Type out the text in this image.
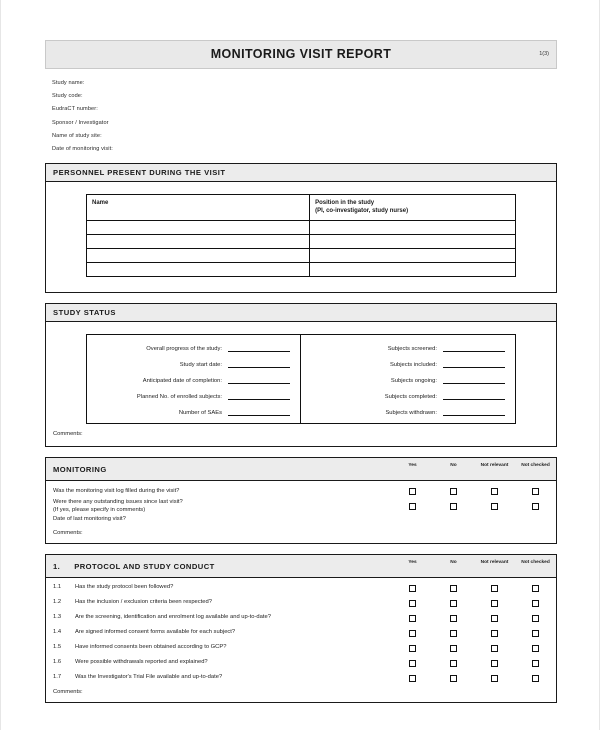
MONITORING VISIT REPORT	1(3)
Study name:
Study code:
EudraCT number:
Sponsor / Investigator
Name of study site:
Date of monitoring visit:
PERSONNEL PRESENT DURING THE VISIT
Name	Position in the study
(PI, co-investigator, study nurse)

STUDY STATUS
Overall progress of the study:
Study start date:
Anticipated date of completion:
Planned No. of enrolled subjects:
Number of SAEs
Subjects screened:
Subjects included:
Subjects ongoing:
Subjects completed:
Subjects withdrawn:
Comments:
MONITORING	Yes	No	Not relevant	Not checked
Was the monitoring visit log filled during the visit?
Were there any outstanding issues since last visit?
(If yes, please specify in comments)
Date of last monitoring visit?
Comments:
1. PROTOCOL AND STUDY CONDUCT	Yes	No	Not relevant	Not checked
1.1	Has the study protocol been followed?
1.2	Has the inclusion / exclusion criteria been respected?
1.3	Are the screening, identification and enrolment log available and up-to-date?
1.4	Are signed informed consent forms available for each subject?
1.5	Have informed consents been obtained according to GCP?
1.6	Were possible withdrawals reported and explained?
1.7	Was the Investigator's Trial File available and up-to-date?
Comments:
